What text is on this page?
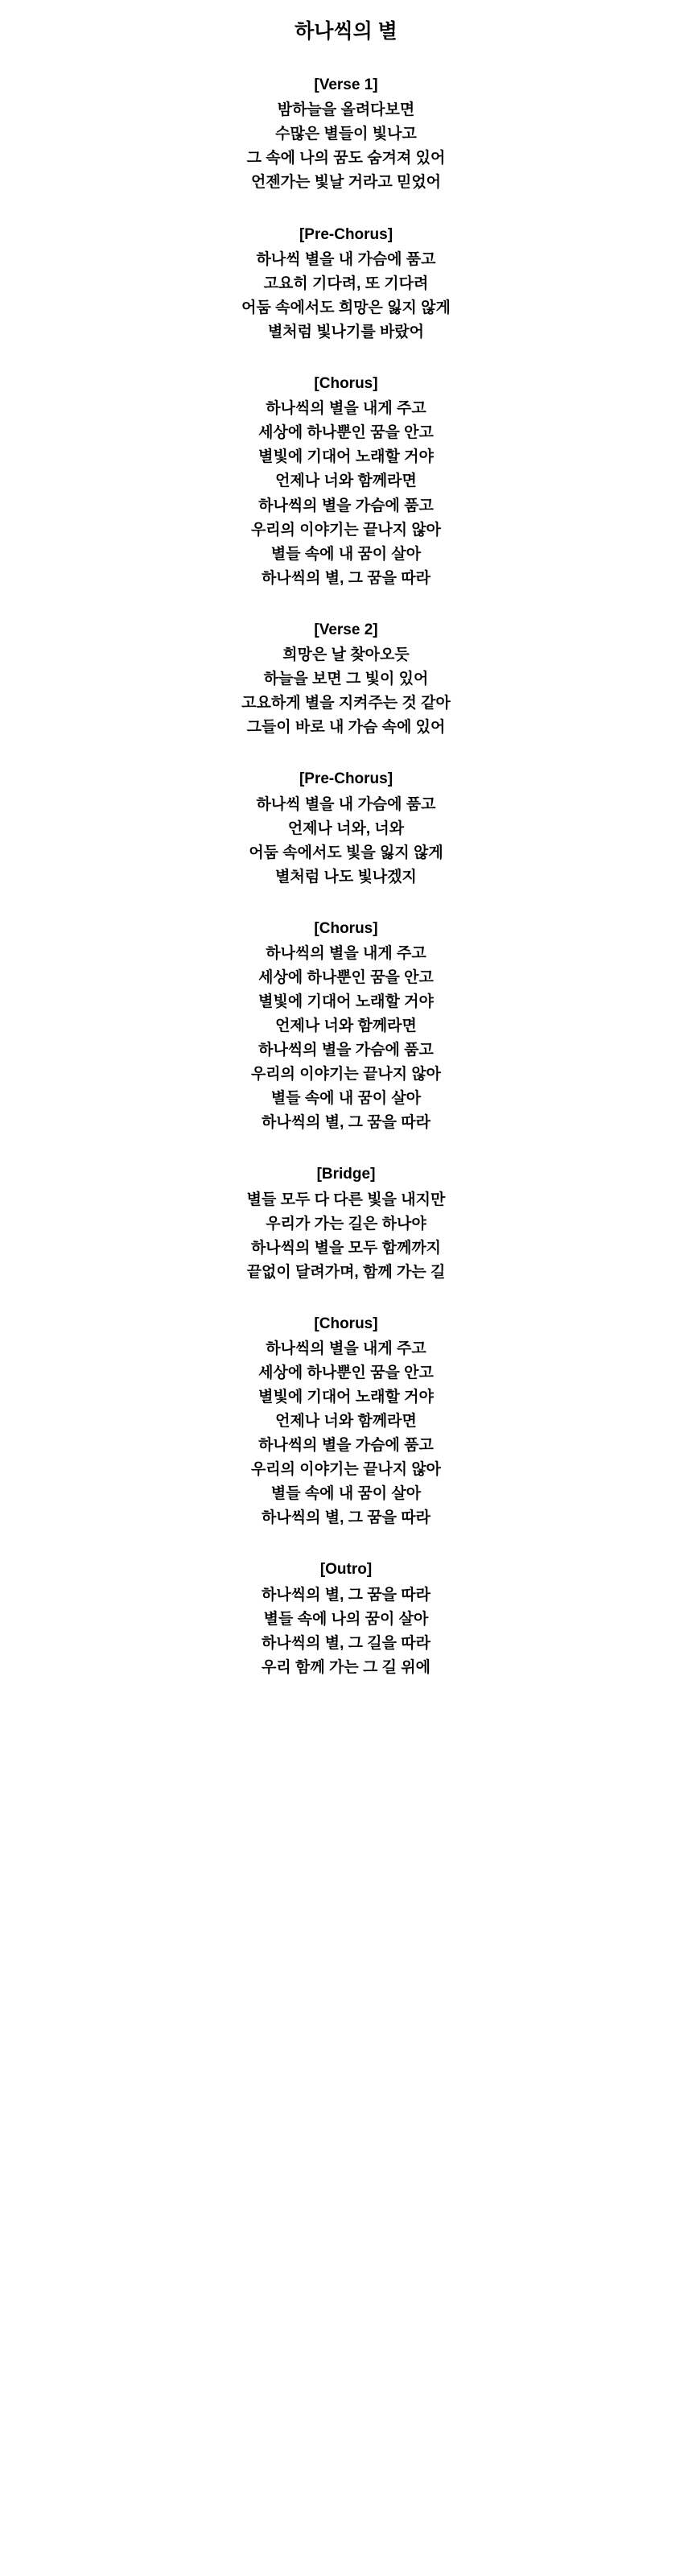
하나씩의 별
[Verse 1]
밤하늘을 올려다보면
수많은 별들이 빛나고
그 속에 나의 꿈도 숨겨져 있어
언젠가는 빛날 거라고 믿었어
[Pre-Chorus]
하나씩 별을 내 가슴에 품고
고요히 기다려, 또 기다려
어둠 속에서도 희망은 잃지 않게
별처럼 빛나기를 바랐어
[Chorus]
하나씩의 별을 내게 주고
세상에 하나뿐인 꿈을 안고
별빛에 기대어 노래할 거야
언제나 너와 함께라면
하나씩의 별을 가슴에 품고
우리의 이야기는 끝나지 않아
별들 속에 내 꿈이 살아
하나씩의 별, 그 꿈을 따라
[Verse 2]
희망은 날 찾아오듯
하늘을 보면 그 빛이 있어
고요하게 별을 지켜주는 것 같아
그들이 바로 내 가슴 속에 있어
[Pre-Chorus]
하나씩 별을 내 가슴에 품고
언제나 너와, 너와
어둠 속에서도 빛을 잃지 않게
별처럼 나도 빛나겠지
[Chorus]
하나씩의 별을 내게 주고
세상에 하나뿐인 꿈을 안고
별빛에 기대어 노래할 거야
언제나 너와 함께라면
하나씩의 별을 가슴에 품고
우리의 이야기는 끝나지 않아
별들 속에 내 꿈이 살아
하나씩의 별, 그 꿈을 따라
[Bridge]
별들 모두 다 다른 빛을 내지만
우리가 가는 길은 하나야
하나씩의 별을 모두 함께까지
끝없이 달려가며, 함께 가는 길
[Chorus]
하나씩의 별을 내게 주고
세상에 하나뿐인 꿈을 안고
별빛에 기대어 노래할 거야
언제나 너와 함께라면
하나씩의 별을 가슴에 품고
우리의 이야기는 끝나지 않아
별들 속에 내 꿈이 살아
하나씩의 별, 그 꿈을 따라
[Outro]
하나씩의 별, 그 꿈을 따라
별들 속에 나의 꿈이 살아
하나씩의 별, 그 길을 따라
우리 함께 가는 그 길 위에
